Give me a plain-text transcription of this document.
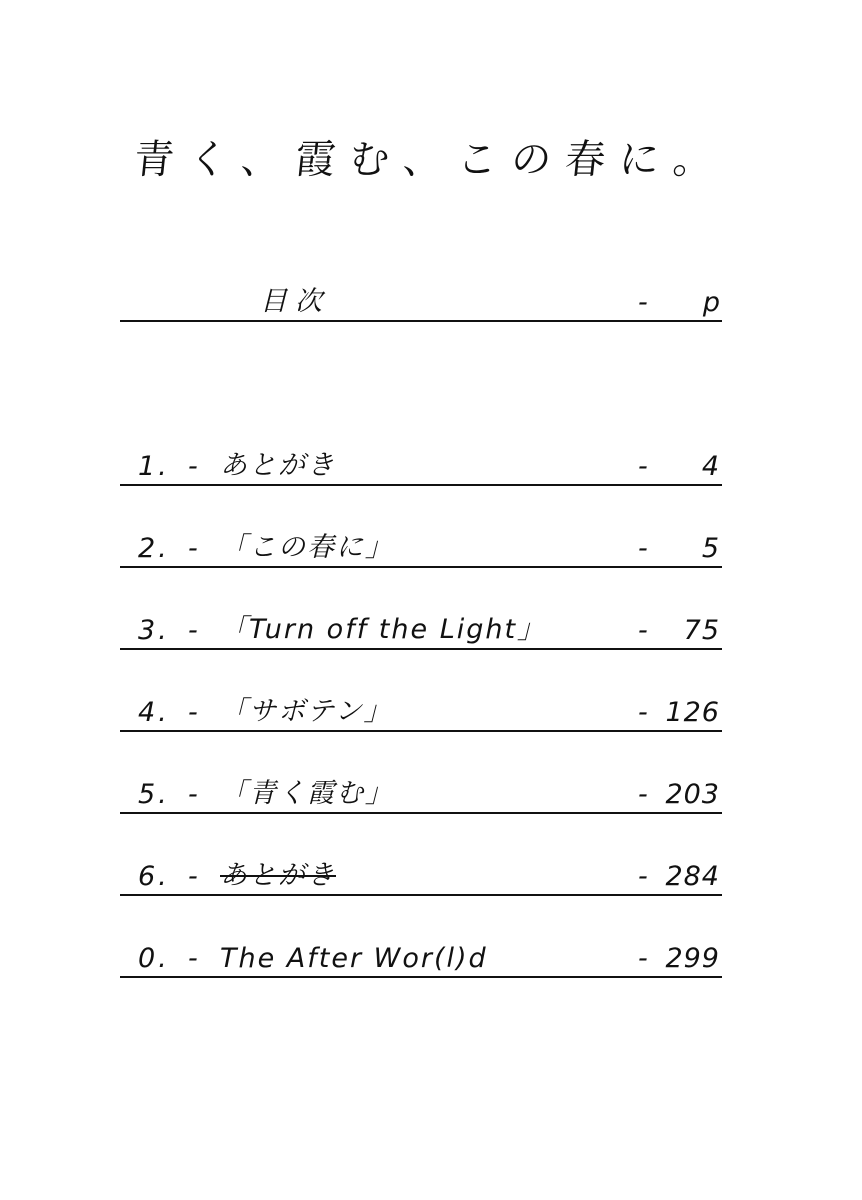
青く、霞む、この春に。
目次	- p
1. - あとがき	- 4
2. - 「この春に」	- 5
3. - 「Turn off the Light」	- 75
4. - 「サボテン」	- 126
5. - 「青く霞む」	- 203
6. - あとがき	- 284
0. - The After Wor(l)d	- 299
